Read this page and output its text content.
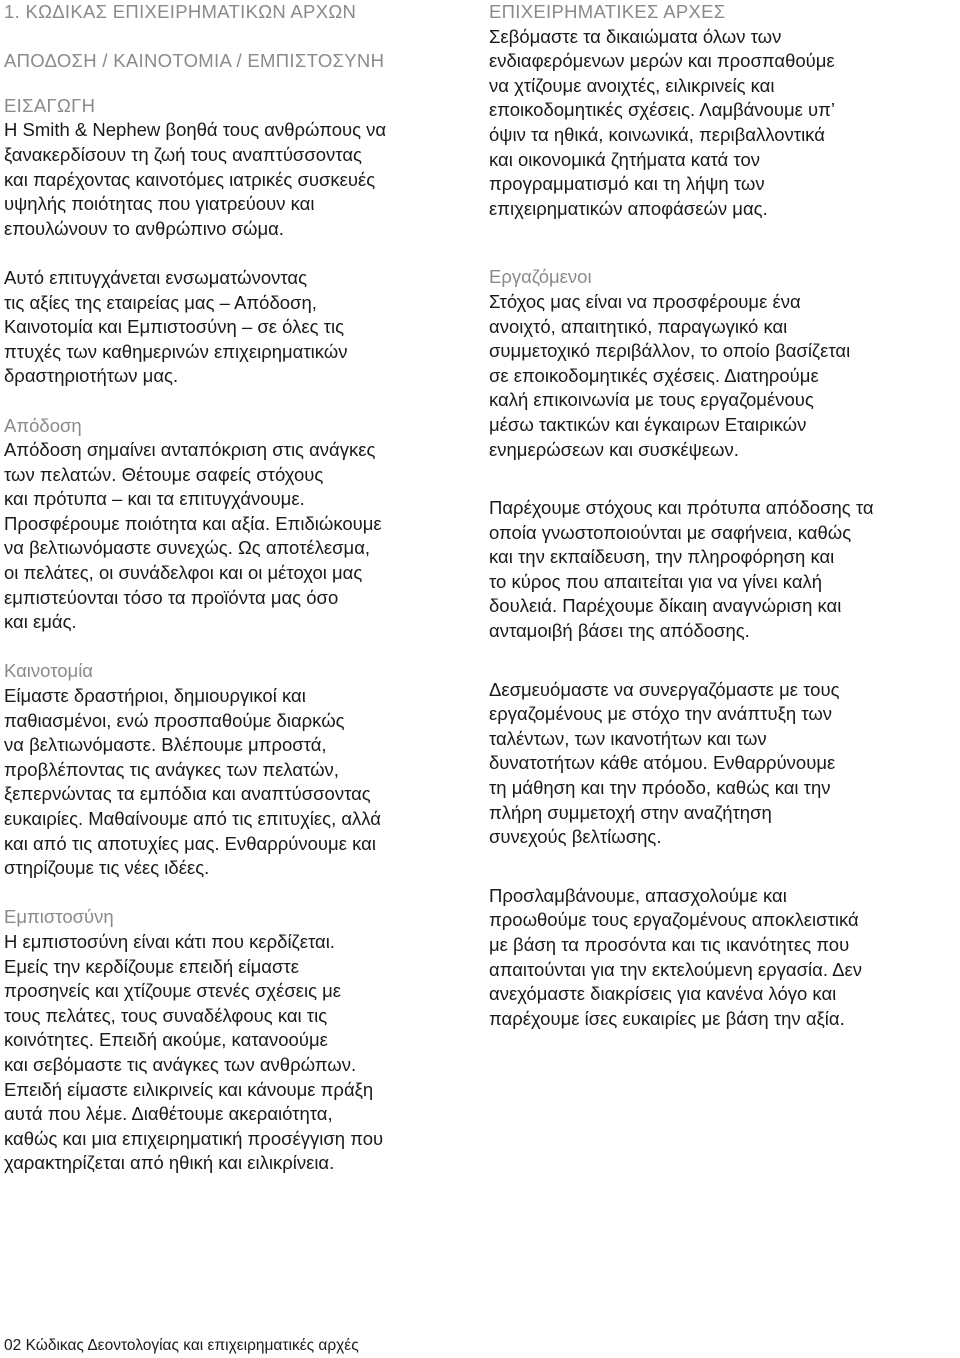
1. ΚΩΔΙΚΑΣ ΕΠΙΧΕΙΡΗΜΑΤΙΚΩΝ ΑΡΧΩΝ
ΑΠΟΔΟΣΗ / ΚΑΙΝΟΤΟΜΙΑ / ΕΜΠΙΣΤΟΣΥΝΗ
ΕΙΣΑΓΩΓΗ
Η Smith & Nephew βοηθά τους ανθρώπους να
ξανακερδίσουν τη ζωή τους αναπτύσσοντας
και παρέχοντας καινοτόμες ιατρικές συσκευές
υψηλής ποιότητας που γιατρεύουν και
επουλώνουν το ανθρώπινο σώμα.
Αυτό επιτυγχάνεται ενσωματώνοντας
τις αξίες της εταιρείας μας – Απόδοση,
Καινοτομία και Εμπιστοσύνη – σε όλες τις
πτυχές των καθημερινών επιχειρηματικών
δραστηριοτήτων μας.
Απόδοση
Απόδοση σημαίνει ανταπόκριση στις ανάγκες
των πελατών. Θέτουμε σαφείς στόχους
και πρότυπα – και τα επιτυγχάνουμε.
Προσφέρουμε ποιότητα και αξία. Επιδιώκουμε
να βελτιωνόμαστε συνεχώς. Ως αποτέλεσμα,
οι πελάτες, οι συνάδελφοι και οι μέτοχοι μας
εμπιστεύονται τόσο τα προϊόντα μας όσο
και εμάς.
Καινοτομία
Είμαστε δραστήριοι, δημιουργικοί και
παθιασμένοι, ενώ προσπαθούμε διαρκώς
να βελτιωνόμαστε. Βλέπουμε μπροστά,
προβλέποντας τις ανάγκες των πελατών,
ξεπερνώντας τα εμπόδια και αναπτύσσοντας
ευκαιρίες. Μαθαίνουμε από τις επιτυχίες, αλλά
και από τις αποτυχίες μας. Ενθαρρύνουμε και
στηρίζουμε τις νέες ιδέες.
Εμπιστοσύνη
Η εμπιστοσύνη είναι κάτι που κερδίζεται.
Εμείς την κερδίζουμε επειδή είμαστε
προσηνείς και χτίζουμε στενές σχέσεις με
τους πελάτες, τους συναδέλφους και τις
κοινότητες. Επειδή ακούμε, κατανοούμε
και σεβόμαστε τις ανάγκες των ανθρώπων.
Επειδή είμαστε ειλικρινείς και κάνουμε πράξη
αυτά που λέμε. Διαθέτουμε ακεραιότητα,
καθώς και μια επιχειρηματική προσέγγιση που
χαρακτηρίζεται από ηθική και ειλικρίνεια.
ΕΠΙΧΕΙΡΗΜΑΤΙΚΕΣ ΑΡΧΕΣ
Σεβόμαστε τα δικαιώματα όλων των
ενδιαφερόμενων μερών και προσπαθούμε
να χτίζουμε ανοιχτές, ειλικρινείς και
εποικοδομητικές σχέσεις. Λαμβάνουμε υπ’
όψιν τα ηθικά, κοινωνικά, περιβαλλοντικά
και οικονομικά ζητήματα κατά τον
προγραμματισμό και τη λήψη των
επιχειρηματικών αποφάσεών μας.
Εργαζόμενοι
Στόχος μας είναι να προσφέρουμε ένα
ανοιχτό, απαιτητικό, παραγωγικό και
συμμετοχικό περιβάλλον, το οποίο βασίζεται
σε εποικοδομητικές σχέσεις. Διατηρούμε
καλή επικοινωνία με τους εργαζομένους
μέσω τακτικών και έγκαιρων Εταιρικών
ενημερώσεων και συσκέψεων.
Παρέχουμε στόχους και πρότυπα απόδοσης τα
οποία γνωστοποιούνται με σαφήνεια, καθώς
και την εκπαίδευση, την πληροφόρηση και
το κύρος που απαιτείται για να γίνει καλή
δουλειά. Παρέχουμε δίκαιη αναγνώριση και
ανταμοιβή βάσει της απόδοσης.
Δεσμευόμαστε να συνεργαζόμαστε με τους
εργαζομένους με στόχο την ανάπτυξη των
ταλέντων, των ικανοτήτων και των
δυνατοτήτων κάθε ατόμου. Ενθαρρύνουμε
τη μάθηση και την πρόοδο, καθώς και την
πλήρη συμμετοχή στην αναζήτηση
συνεχούς βελτίωσης.
Προσλαμβάνουμε, απασχολούμε και
προωθούμε τους εργαζομένους αποκλειστικά
με βάση τα προσόντα και τις ικανότητες που
απαιτούνται για την εκτελούμενη εργασία. Δεν
ανεχόμαστε διακρίσεις για κανένα λόγο και
παρέχουμε ίσες ευκαιρίες με βάση την αξία.
02 Κώδικας Δεοντολογίας και επιχειρηματικές αρχές
